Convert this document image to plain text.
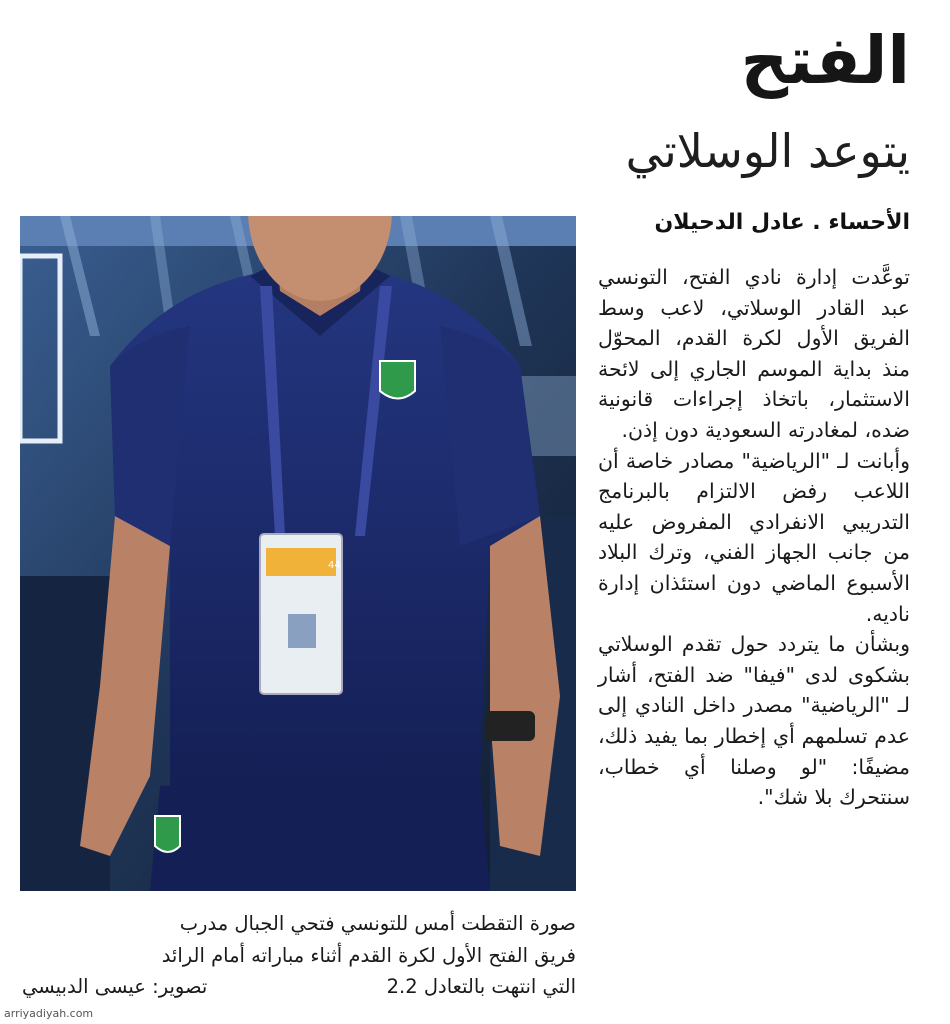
الفتح
يتوعد الوسلاتي
الأحساء . عادل الدحيلان
44

توعَّدت إدارة نادي الفتح، التونسي عبد القادر الوسلاتي، لاعب وسط الفريق الأول لكرة القدم، المحوّل منذ بداية الموسم الجاري إلى لائحة الاستثمار، باتخاذ إجراءات قانونية ضده، لمغادرته السعودية دون إذن.

وأبانت لـ "الرياضية" مصادر خاصة أن اللاعب رفض الالتزام بالبرنامج التدريبي الانفرادي المفروض عليه من جانب الجهاز الفني، وترك البلاد الأسبوع الماضي دون استئذان إدارة ناديه.

وبشأن ما يتردد حول تقدم الوسلاتي بشكوى لدى "فيفا" ضد الفتح، أشار لـ "الرياضية" مصدر داخل النادي إلى عدم تسلمهم أي إخطار بما يفيد ذلك، مضيفًا: "لو وصلنا أي خطاب، سنتحرك بلا شك".

صورة التقطت أمس للتونسي فتحي الجبال مدرب
فريق الفتح الأول لكرة القدم أثناء مباراته أمام الرائد
التي انتهت بالتعادل 2.2
تصوير: عيسى الدبيسي
arriyadiyah.com
